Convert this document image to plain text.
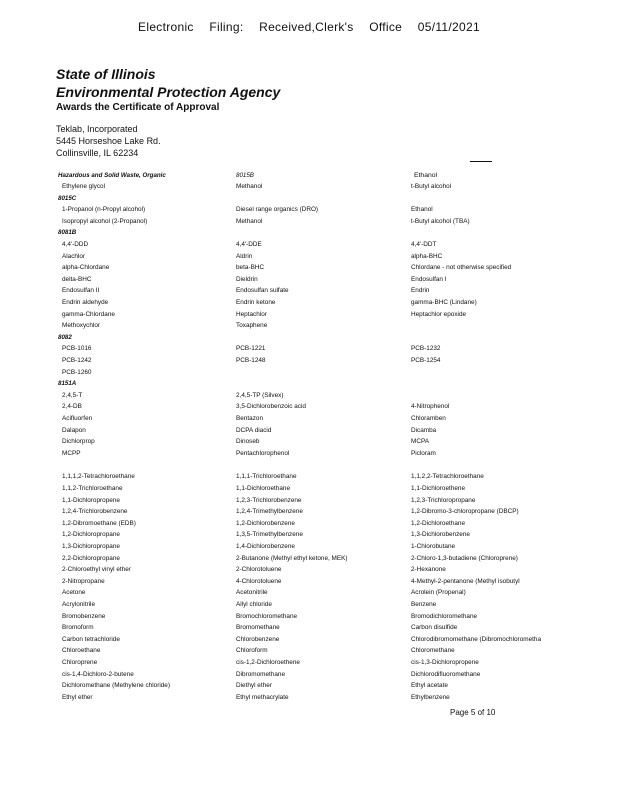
Electronic Filing: Received,Clerk's Office 05/11/2021
State of Illinois
Environmental Protection Agency
Awards the Certificate of Approval
Teklab, Incorporated
5445 Horseshoe Lake Rd.
Collinsville, IL 62234
Hazardous and Solid Waste, Organic	8015B	Ethanol
Ethylene glycol	Methanol	t-Butyl alcohol
8015C
1-Propanol (n-Propyl alcohol)	Diesel range organics (DRO)	Ethanol
Isopropyl alcohol (2-Propanol)	Methanol	t-Butyl alcohol (TBA)
8081B
4,4'-DDD	4,4'-DDE	4,4'-DDT
Alachlor	Aldrin	alpha-BHC
alpha-Chlordane	beta-BHC	Chlordane - not otherwise specified
delta-BHC	Dieldrin	Endosulfan I
Endosulfan II	Endosulfan sulfate	Endrin
Endrin aldehyde	Endrin ketone	gamma-BHC (Lindane)
gamma-Chlordane	Heptachlor	Heptachlor epoxide
Methoxychlor	Toxaphene
8082
PCB-1016	PCB-1221	PCB-1232
PCB-1242	PCB-1248	PCB-1254
PCB-1260
8151A
2,4,5-T	2,4,5-TP (Silvex)
2,4-DB	3,5-Dichlorobenzoic acid	4-Nitrophenol
Acifluorfen	Bentazon	Chloramben
Dalapon	DCPA diacid	Dicamba
Dichlorprop	Dinoseb	MCPA
MCPP	Pentachlorophenol	Picloram
1,1,1,2-Tetrachloroethane	1,1,1-Trichloroethane	1,1,2,2-Tetrachloroethane
1,1,2-Trichloroethane	1,1-Dichloroethane	1,1-Dichloroethene
1,1-Dichloropropene	1,2,3-Trichlorobenzene	1,2,3-Trichloropropane
1,2,4-Trichlorobenzene	1,2,4-Trimethylbenzene	1,2-Dibromo-3-chloropropane (DBCP)
1,2-Dibromoethane (EDB)	1,2-Dichlorobenzene	1,2-Dichloroethane
1,2-Dichloropropane	1,3,5-Trimethylbenzene	1,3-Dichlorobenzene
1,3-Dichloropropane	1,4-Dichlorobenzene	1-Chlorobutane
2,2-Dichloropropane	2-Butanone (Methyl ethyl ketone, MEK)	2-Chloro-1,3-butadiene (Chloroprene)
2-Chloroethyl vinyl ether	2-Chlorotoluene	2-Hexanone
2-Nitropropane	4-Chlorotoluene	4-Methyl-2-pentanone (Methyl isobutyl
Acetone	Acetonitrile	Acrolein (Propenal)
Acrylonitrile	Allyl chloride	Benzene
Bromobenzene	Bromochloromethane	Bromodichloromethane
Bromoform	Bromomethane	Carbon disulfide
Carbon tetrachloride	Chlorobenzene	Chlorodibromomethane (Dibromochlorometha
Chloroethane	Chloroform	Chloromethane
Chloroprene	cis-1,2-Dichloroethene	cis-1,3-Dichloropropene
cis-1,4-Dichloro-2-butene	Dibromomethane	Dichlorodifluoromethane
Dichloromethane (Methylene chloride)	Diethyl ether	Ethyl acetate
Ethyl ether	Ethyl methacrylate	Ethylbenzene
Page 5 of 10
